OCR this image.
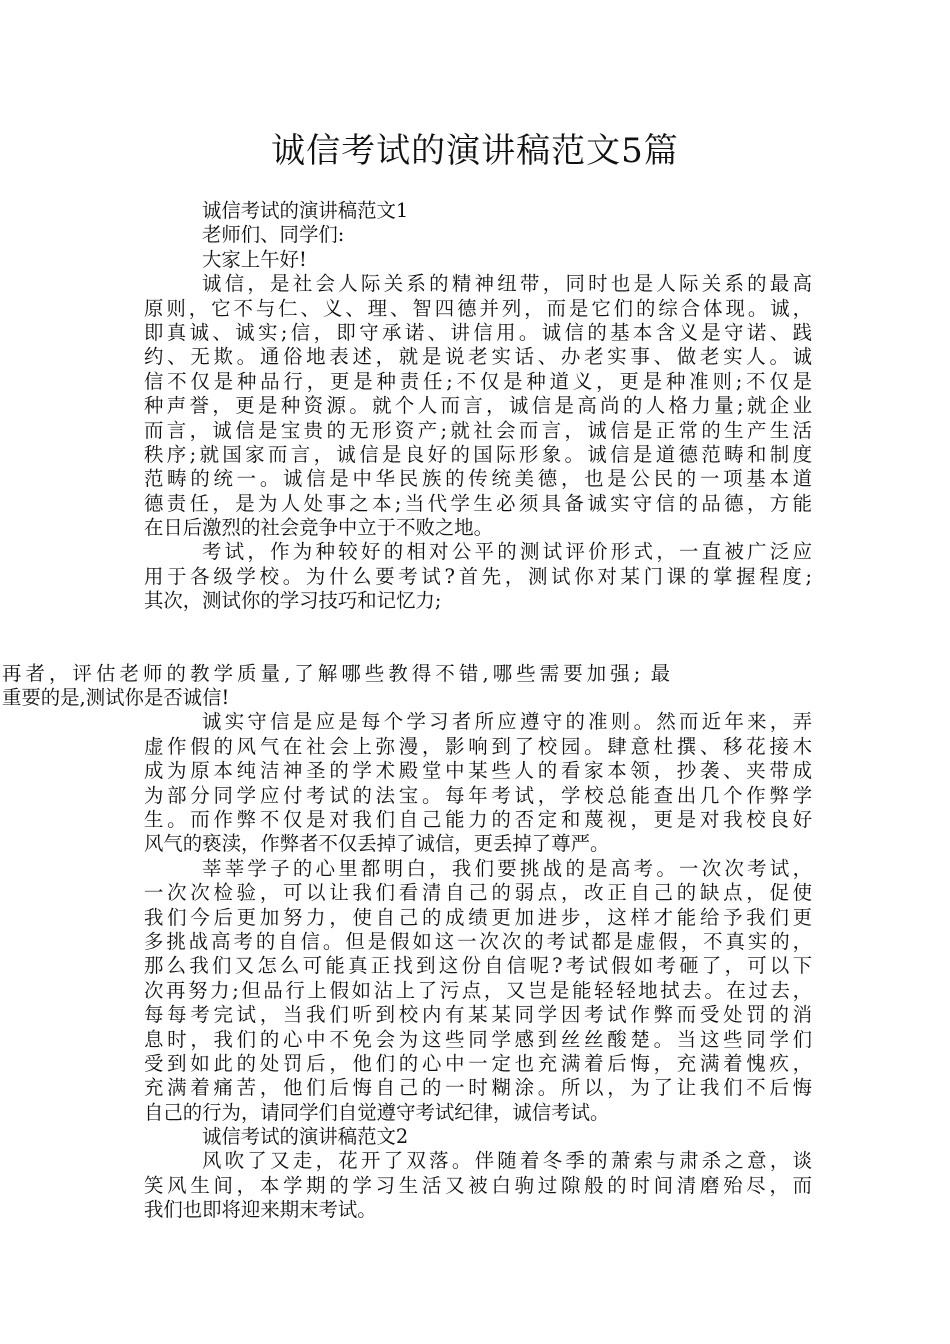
诚信考试的演讲稿范文5篇
诚信考试的演讲稿范文1
老师们、同学们:
大家上午好!
诚信，是社会人际关系的精神纽带，同时也是人际关系的最高
原则，它不与仁、义、理、智四德并列，而是它们的综合体现。诚，
即真诚、诚实;信，即守承诺、讲信用。诚信的基本含义是守诺、践
约、无欺。通俗地表述，就是说老实话、办老实事、做老实人。诚
信不仅是种品行，更是种责任;不仅是种道义，更是种准则;不仅是
种声誉，更是种资源。就个人而言，诚信是高尚的人格力量;就企业
而言，诚信是宝贵的无形资产;就社会而言，诚信是正常的生产生活
秩序;就国家而言，诚信是良好的国际形象。诚信是道德范畴和制度
范畴的统一。诚信是中华民族的传统美德，也是公民的一项基本道
德责任，是为人处事之本;当代学生必须具备诚实守信的品德，方能
在日后激烈的社会竞争中立于不败之地。
考试，作为种较好的相对公平的测试评价形式，一直被广泛应
用于各级学校。为什么要考试?首先，测试你对某门课的掌握程度;
其次，测试你的学习技巧和记忆力;
再者，评估老师的教学质量,了解哪些教得不错,哪些需要加强; 最
重要的是,测试你是否诚信!
诚实守信是应是每个学习者所应遵守的准则。然而近年来，弄
虚作假的风气在社会上弥漫，影响到了校园。肆意杜撰、移花接木
成为原本纯洁神圣的学术殿堂中某些人的看家本领，抄袭、夹带成
为部分同学应付考试的法宝。每年考试，学校总能查出几个作弊学
生。而作弊不仅是对我们自己能力的否定和蔑视，更是对我校良好
风气的亵渎，作弊者不仅丢掉了诚信，更丢掉了尊严。
莘莘学子的心里都明白，我们要挑战的是高考。一次次考试，
一次次检验，可以让我们看清自己的弱点，改正自己的缺点，促使
我们今后更加努力，使自己的成绩更加进步，这样才能给予我们更
多挑战高考的自信。但是假如这一次次的考试都是虚假，不真实的，
那么我们又怎么可能真正找到这份自信呢?考试假如考砸了，可以下
次再努力;但品行上假如沾上了污点，又岂是能轻轻地拭去。在过去，
每每考完试，当我们听到校内有某某同学因考试作弊而受处罚的消
息时，我们的心中不免会为这些同学感到丝丝酸楚。当这些同学们
受到如此的处罚后，他们的心中一定也充满着后悔，充满着愧疚，
充满着痛苦，他们后悔自己的一时糊涂。所以，为了让我们不后悔
自己的行为，请同学们自觉遵守考试纪律，诚信考试。
诚信考试的演讲稿范文2
风吹了又走，花开了双落。伴随着冬季的萧索与肃杀之意，谈
笑风生间，本学期的学习生活又被白驹过隙般的时间清磨殆尽，而
我们也即将迎来期末考试。
